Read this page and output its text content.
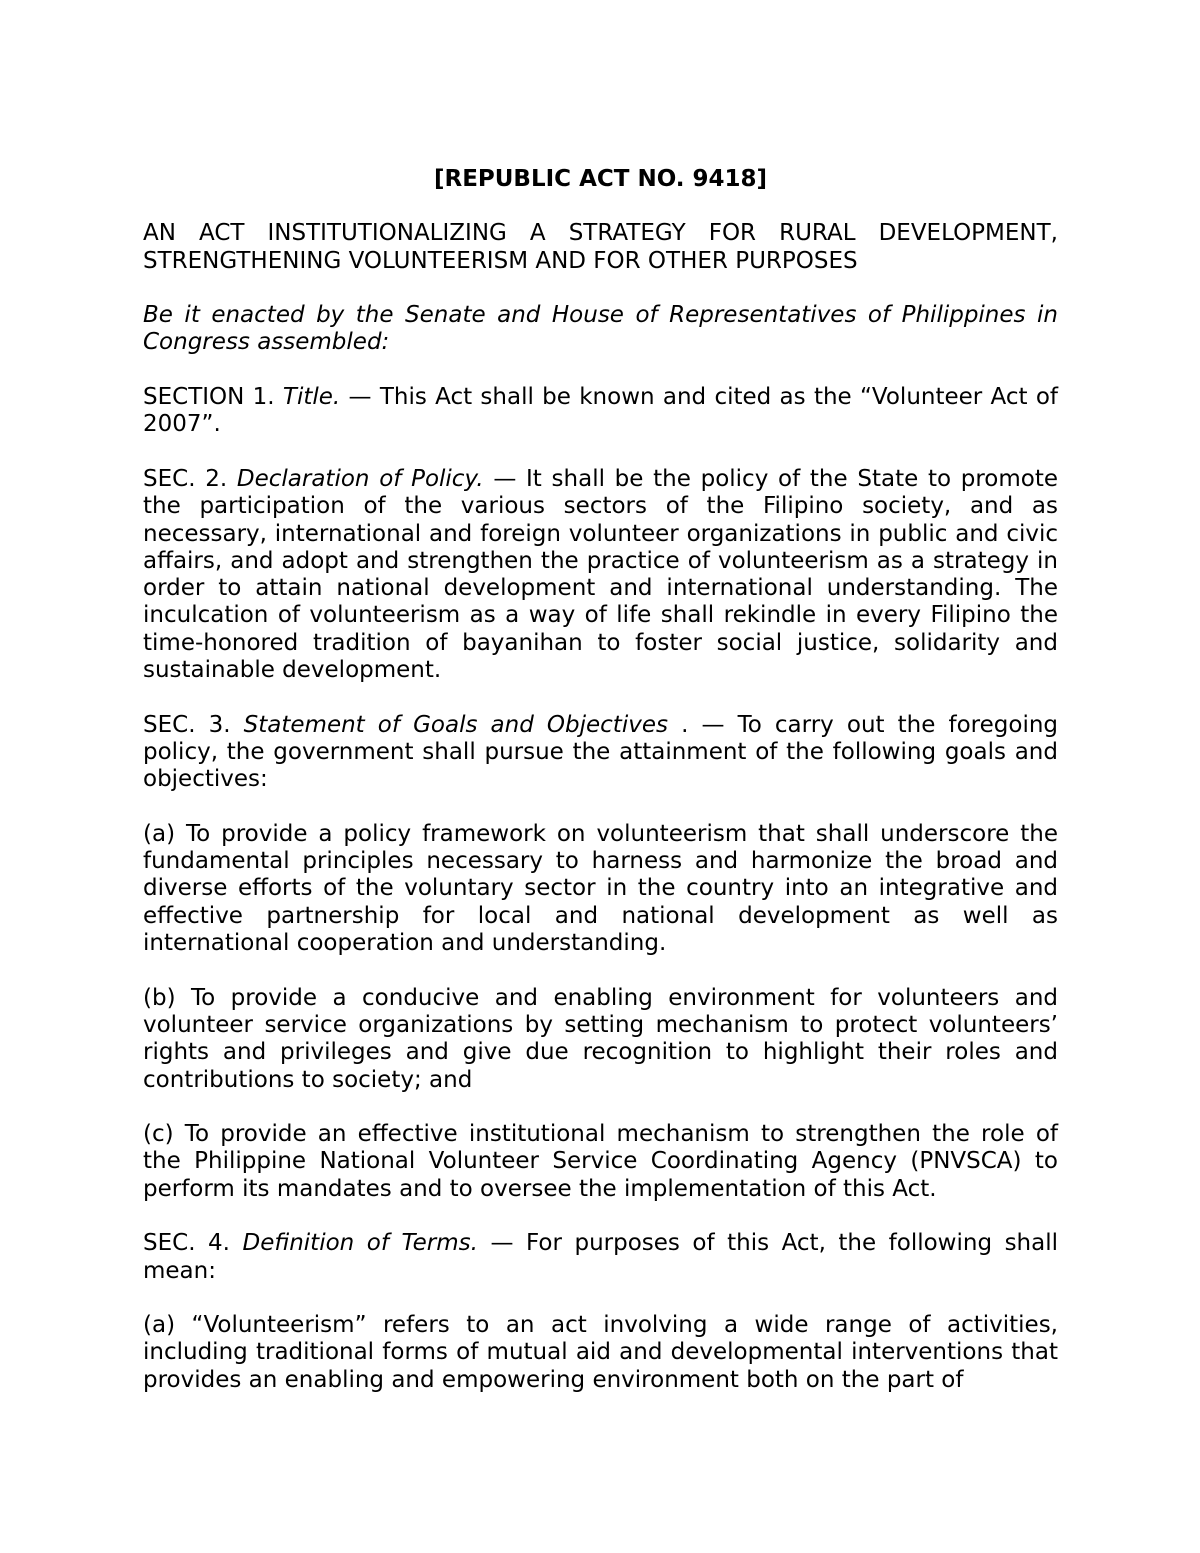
[REPUBLIC ACT NO. 9418]

AN ACT INSTITUTIONALIZING A STRATEGY FOR RURAL DEVELOPMENT, STRENGTHENING VOLUNTEERISM AND FOR OTHER PURPOSES

Be it enacted by the Senate and House of Representatives of Philippines in Congress assembled:

SECTION 1. Title. — This Act shall be known and cited as the “Volunteer Act of 2007”.

SEC. 2. Declaration of Policy. — It shall be the policy of the State to promote the participation of the various sectors of the Filipino society, and as necessary, international and foreign volunteer organizations in public and civic affairs, and adopt and strengthen the practice of volunteerism as a strategy in order to attain national development and international understanding. The inculcation of volunteerism as a way of life shall rekindle in every Filipino the time-honored tradition of bayanihan to foster social justice, solidarity and sustainable development.

SEC. 3. Statement of Goals and Objectives . — To carry out the foregoing policy, the government shall pursue the attainment of the following goals and objectives:

(a) To provide a policy framework on volunteerism that shall underscore the fundamental principles necessary to harness and harmonize the broad and diverse efforts of the voluntary sector in the country into an integrative and effective partnership for local and national development as well as international cooperation and understanding.

(b) To provide a conducive and enabling environment for volunteers and volunteer service organizations by setting mechanism to protect volunteers’ rights and privileges and give due recognition to highlight their roles and contributions to society; and

(c) To provide an effective institutional mechanism to strengthen the role of the Philippine National Volunteer Service Coordinating Agency (PNVSCA) to perform its mandates and to oversee the implementation of this Act.

SEC. 4. Definition of Terms. — For purposes of this Act, the following shall mean:

(a) “Volunteerism” refers to an act involving a wide range of activities, including traditional forms of mutual aid and developmental interventions that provides an enabling and empowering environment both on the part of
